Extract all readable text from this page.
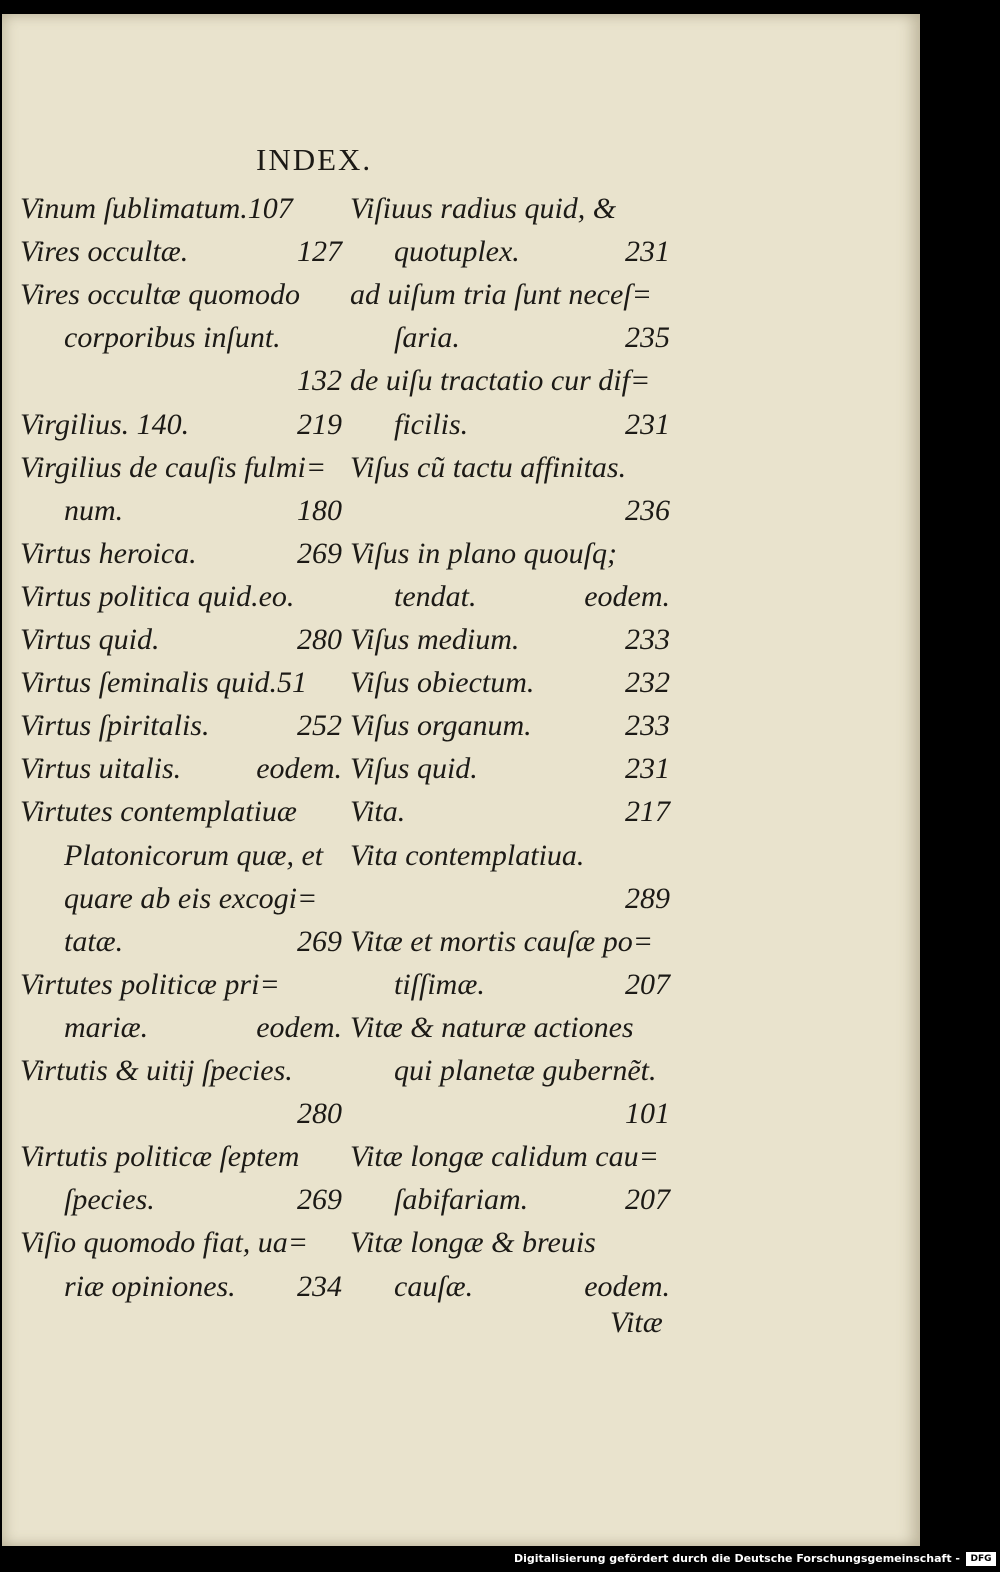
INDEX.
Vinum ſublimatum.107
Vires occultæ.	127
Vires occultæ quomodo
corporibus inſunt.
132
Virgilius. 140.	219
Virgilius de cauſis fulmi=
num.	180
Virtus heroica.	269
Virtus politica quid.eo.
Virtus quid.	280
Virtus ſeminalis quid.51
Virtus ſpiritalis.	252
Virtus uitalis.	eodem.
Virtutes contemplatiuæ
Platonicorum quæ, et
quare ab eis excogi=
tatæ.	269
Virtutes politicæ pri=
mariæ.	eodem.
Virtutis & uitij ſpecies.
280
Virtutis politicæ ſeptem
ſpecies.	269
Viſio quomodo fiat, ua=
riæ opiniones. 234
Viſiuus radius quid, &
quotuplex.	231
ad uiſum tria ſunt neceſ=
ſaria.	235
de uiſu tractatio cur dif=
ficilis.	231
Viſus cũ tactu affinitas.
236
Viſus in plano quouſq;
tendat.	eodem.
Viſus medium.	233
Viſus obiectum.	232
Viſus organum.	233
Viſus quid.	231
Vita.	217
Vita contemplatiua.
289
Vitæ et mortis cauſæ po=
tiſſimæ.	207
Vitæ & naturæ actiones
qui planetæ gubernẽt.
101
Vitæ longæ calidum cau=
ſabifariam.	207
Vitæ longæ & breuis
cauſæ.	eodem.
Vitæ
Digitalisierung gefördert durch die Deutsche Forschungsgemeinschaft -	DFG
